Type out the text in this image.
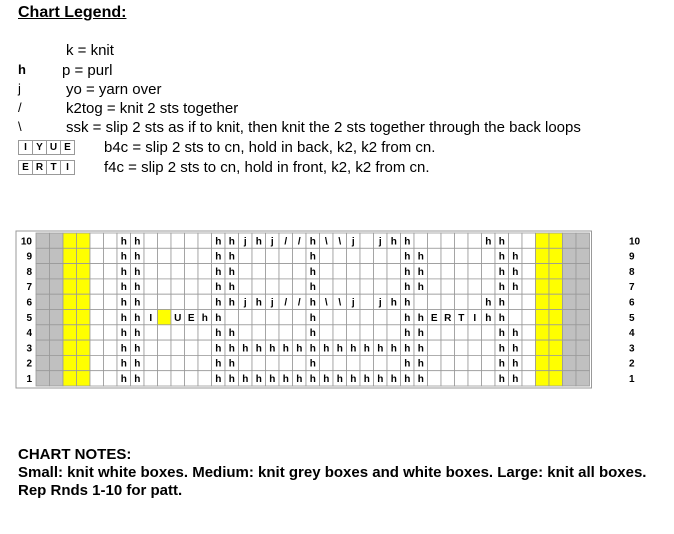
Chart Legend:
k = knit
h p = purl
j	yo = yarn over
/	k2tog = knit 2 sts together
\	ssk = slip 2 sts as if to knit, then knit the 2 sts together through the back loops
I Y U E b4c = slip 2 sts to cn, hold in back, k2, k2 from cn.
E R T I	f4c = slip 2 sts to cn, hold in front, k2, k2 from cn.
10	10
9	9
8	8
7	7
6	6
5	5
4	4
3	3
2	2
1	1
h h	h h j h j / / h \ \ j j h h	h h
h h	h h	h	h h	h h
h h	h h	h	h h	h h
h h	h h	h	h h	h h
h h	h h j h j / / h \ \ j j h h	h h
h h I U E h h	h	h h E R T I h h
h h	h h	h	h h	h h
h h	h h h h h h h h h h h h h h h h	h h
h h	h h	h	h h	h h
h h	h h h h h h h h h h h h h h h h	h h
CHART NOTES:
Small: knit white boxes. Medium: knit grey boxes and white boxes. Large: knit all boxes.
Rep Rnds 1-10 for patt.
